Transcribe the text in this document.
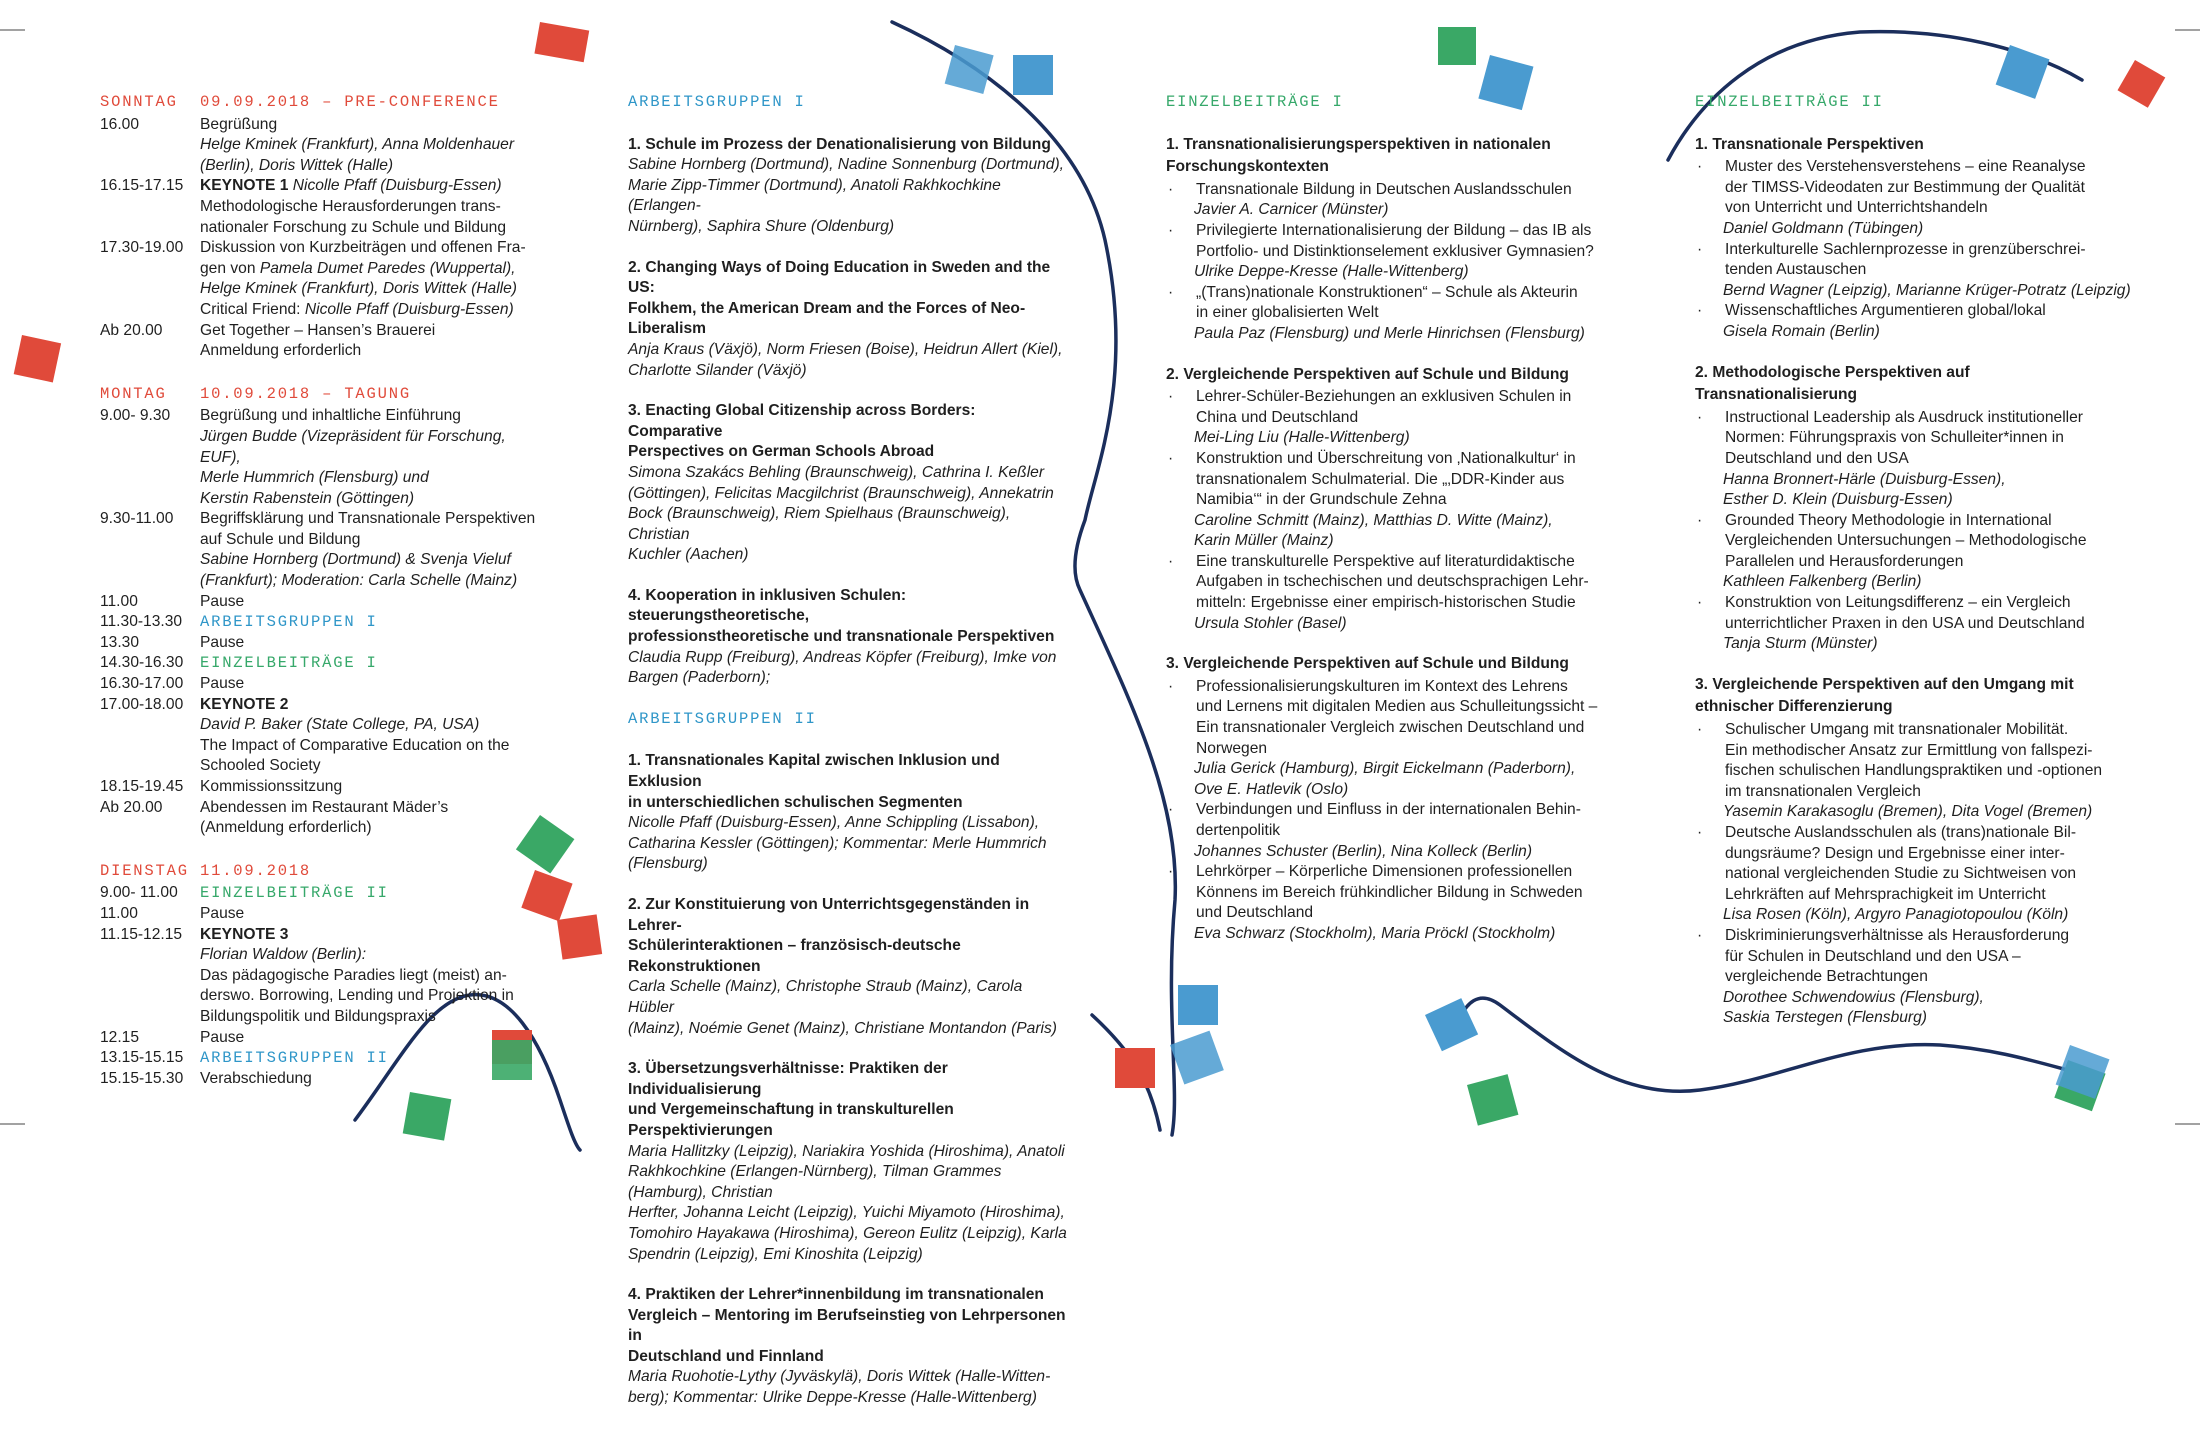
SONNTAG 09.09.2018 – PRE-CONFERENCE
16.00	Begrüßung
Helge Kminek (Frankfurt), Anna Moldenhauer
(Berlin), Doris Wittek (Halle)
16.15-17.15	KEYNOTE 1 Nicolle Pfaff (Duisburg-Essen)
Methodologische Herausforderungen trans-
nationaler Forschung zu Schule und Bildung
17.30-19.00	Diskussion von Kurzbeiträgen und offenen Fra-
gen von Pamela Dumet Paredes (Wuppertal),
Helge Kminek (Frankfurt), Doris Wittek (Halle)
Critical Friend: Nicolle Pfaff (Duisburg-Essen)
Ab 20.00	Get Together – Hansen’s Brauerei
Anmeldung erforderlich
MONTAG 10.09.2018 – TAGUNG
9.00- 9.30	Begrüßung und inhaltliche Einführung
Jürgen Budde (Vizepräsident für Forschung, EUF),
Merle Hummrich (Flensburg) und
Kerstin Rabenstein (Göttingen)
9.30-11.00	Begriffsklärung und Transnationale Perspektiven
auf Schule und Bildung
Sabine Hornberg (Dortmund) & Svenja Vieluf
(Frankfurt); Moderation: Carla Schelle (Mainz)
11.00	Pause
11.30-13.30	ARBEITSGRUPPEN I
13.30	Pause
14.30-16.30	EINZELBEITRÄGE I
16.30-17.00	Pause
17.00-18.00	KEYNOTE 2
David P. Baker (State College, PA, USA)
The Impact of Comparative Education on the
Schooled Society
18.15-19.45	Kommissionssitzung
Ab 20.00	Abendessen im Restaurant Mäder’s
(Anmeldung erforderlich)
DIENSTAG 11.09.2018
9.00- 11.00	EINZELBEITRÄGE II
11.00	Pause
11.15-12.15	KEYNOTE 3
Florian Waldow (Berlin):
Das pädagogische Paradies liegt (meist) an-
derswo. Borrowing, Lending und Projektion in
Bildungspolitik und Bildungspraxis
12.15	Pause
13.15-15.15	ARBEITSGRUPPEN II
15.15-15.30	Verabschiedung
ARBEITSGRUPPEN I
1. Schule im Prozess der Denationalisierung von Bildung
Sabine Hornberg (Dortmund), Nadine Sonnenburg (Dortmund),
Marie Zipp-Timmer (Dortmund), Anatoli Rakhkochkine (Erlangen-
Nürnberg), Saphira Shure (Oldenburg)
2. Changing Ways of Doing Education in Sweden and the US:
Folkhem, the American Dream and the Forces of Neo-Liberalism
Anja Kraus (Växjö), Norm Friesen (Boise), Heidrun Allert (Kiel),
Charlotte Silander (Växjö)
3. Enacting Global Citizenship across Borders: Comparative
Perspectives on German Schools Abroad
Simona Szakács Behling (Braunschweig), Cathrina I. Keßler
(Göttingen), Felicitas Macgilchrist (Braunschweig), Annekatrin
Bock (Braunschweig), Riem Spielhaus (Braunschweig), Christian
Kuchler (Aachen)
4. Kooperation in inklusiven Schulen: steuerungstheoretische,
professionstheoretische und transnationale Perspektiven
Claudia Rupp (Freiburg), Andreas Köpfer (Freiburg), Imke von
Bargen (Paderborn);
ARBEITSGRUPPEN II
1. Transnationales Kapital zwischen Inklusion und Exklusion
in unterschiedlichen schulischen Segmenten
Nicolle Pfaff (Duisburg-Essen), Anne Schippling (Lissabon),
Catharina Kessler (Göttingen); Kommentar: Merle Hummrich
(Flensburg)
2. Zur Konstituierung von Unterrichtsgegenständen in Lehrer-
Schülerinteraktionen – französisch-deutsche Rekonstruktionen
Carla Schelle (Mainz), Christophe Straub (Mainz), Carola Hübler
(Mainz), Noémie Genet (Mainz), Christiane Montandon (Paris)
3. Übersetzungsverhältnisse: Praktiken der Individualisierung
und Vergemeinschaftung in transkulturellen Perspektivierungen
Maria Hallitzky (Leipzig), Nariakira Yoshida (Hiroshima), Anatoli
Rakhkochkine (Erlangen-Nürnberg), Tilman Grammes (Hamburg), Christian
Herfter, Johanna Leicht (Leipzig), Yuichi Miyamoto (Hiroshima),
Tomohiro Hayakawa (Hiroshima), Gereon Eulitz (Leipzig), Karla
Spendrin (Leipzig), Emi Kinoshita (Leipzig)
4. Praktiken der Lehrer*innenbildung im transnationalen
Vergleich – Mentoring im Berufseinstieg von Lehrpersonen in
Deutschland und Finnland
Maria Ruohotie-Lythy (Jyväskylä), Doris Wittek (Halle-Witten-
berg); Kommentar: Ulrike Deppe-Kresse (Halle-Wittenberg)
EINZELBEITRÄGE I
1. Transnationalisierungsperspektiven in nationalen
Forschungskontexten
·	Transnationale Bildung in Deutschen Auslandsschulen
Javier A. Carnicer (Münster)
·	Privilegierte Internationalisierung der Bildung – das IB als
Portfolio- und Distinktionselement exklusiver Gymnasien?
Ulrike Deppe-Kresse (Halle-Wittenberg)
·	„(Trans)nationale Konstruktionen“ – Schule als Akteurin
in einer globalisierten Welt
Paula Paz (Flensburg) und Merle Hinrichsen (Flensburg)
2. Vergleichende Perspektiven auf Schule und Bildung
·	Lehrer-Schüler-Beziehungen an exklusiven Schulen in
China und Deutschland
Mei-Ling Liu (Halle-Wittenberg)
·	Konstruktion und Überschreitung von ‚Nationalkultur‘ in
transnationalem Schulmaterial. Die „‚DDR-Kinder aus
Namibia‘“ in der Grundschule Zehna
Caroline Schmitt (Mainz), Matthias D. Witte (Mainz),
Karin Müller (Mainz)
·	Eine transkulturelle Perspektive auf literaturdidaktische
Aufgaben in tschechischen und deutschsprachigen Lehr-
mitteln: Ergebnisse einer empirisch-historischen Studie
Ursula Stohler (Basel)
3. Vergleichende Perspektiven auf Schule und Bildung
·	Professionalisierungskulturen im Kontext des Lehrens
und Lernens mit digitalen Medien aus Schulleitungssicht –
Ein transnationaler Vergleich zwischen Deutschland und
Norwegen
Julia Gerick (Hamburg), Birgit Eickelmann (Paderborn),
Ove E. Hatlevik (Oslo)
·	Verbindungen und Einfluss in der internationalen Behin-
dertenpolitik
Johannes Schuster (Berlin), Nina Kolleck (Berlin)
·	Lehrkörper – Körperliche Dimensionen professionellen
Könnens im Bereich frühkindlicher Bildung in Schweden
und Deutschland
Eva Schwarz (Stockholm), Maria Pröckl (Stockholm)
EINZELBEITRÄGE II
1. Transnationale Perspektiven
·	Muster des Verstehensverstehens – eine Reanalyse
der TIMSS-Videodaten zur Bestimmung der Qualität
von Unterricht und Unterrichtshandeln
Daniel Goldmann (Tübingen)
·	Interkulturelle Sachlernprozesse in grenzüberschrei-
tenden Austauschen
Bernd Wagner (Leipzig), Marianne Krüger-Potratz (Leipzig)
·	Wissenschaftliches Argumentieren global/lokal
Gisela Romain (Berlin)
2. Methodologische Perspektiven auf
Transnationalisierung
·	Instructional Leadership als Ausdruck institutioneller
Normen: Führungspraxis von Schulleiter*innen in
Deutschland und den USA
Hanna Bronnert-Härle (Duisburg-Essen),
Esther D. Klein (Duisburg-Essen)
·	Grounded Theory Methodologie in International
Vergleichenden Untersuchungen – Methodologische
Parallelen und Herausforderungen
Kathleen Falkenberg (Berlin)
·	Konstruktion von Leitungsdifferenz – ein Vergleich
unterrichtlicher Praxen in den USA und Deutschland
Tanja Sturm (Münster)
3. Vergleichende Perspektiven auf den Umgang mit
ethnischer Differenzierung
·	Schulischer Umgang mit transnationaler Mobilität.
Ein methodischer Ansatz zur Ermittlung von fallspezi-
fischen schulischen Handlungspraktiken und -optionen
im transnationalen Vergleich
Yasemin Karakasoglu (Bremen), Dita Vogel (Bremen)
·	Deutsche Auslandsschulen als (trans)nationale Bil-
dungsräume? Design und Ergebnisse einer inter-
national vergleichenden Studie zu Sichtweisen von
Lehrkräften auf Mehrsprachigkeit im Unterricht
Lisa Rosen (Köln), Argyro Panagiotopoulou (Köln)
·	Diskriminierungsverhältnisse als Herausforderung
für Schulen in Deutschland und den USA –
vergleichende Betrachtungen
Dorothee Schwendowius (Flensburg),
Saskia Terstegen (Flensburg)
